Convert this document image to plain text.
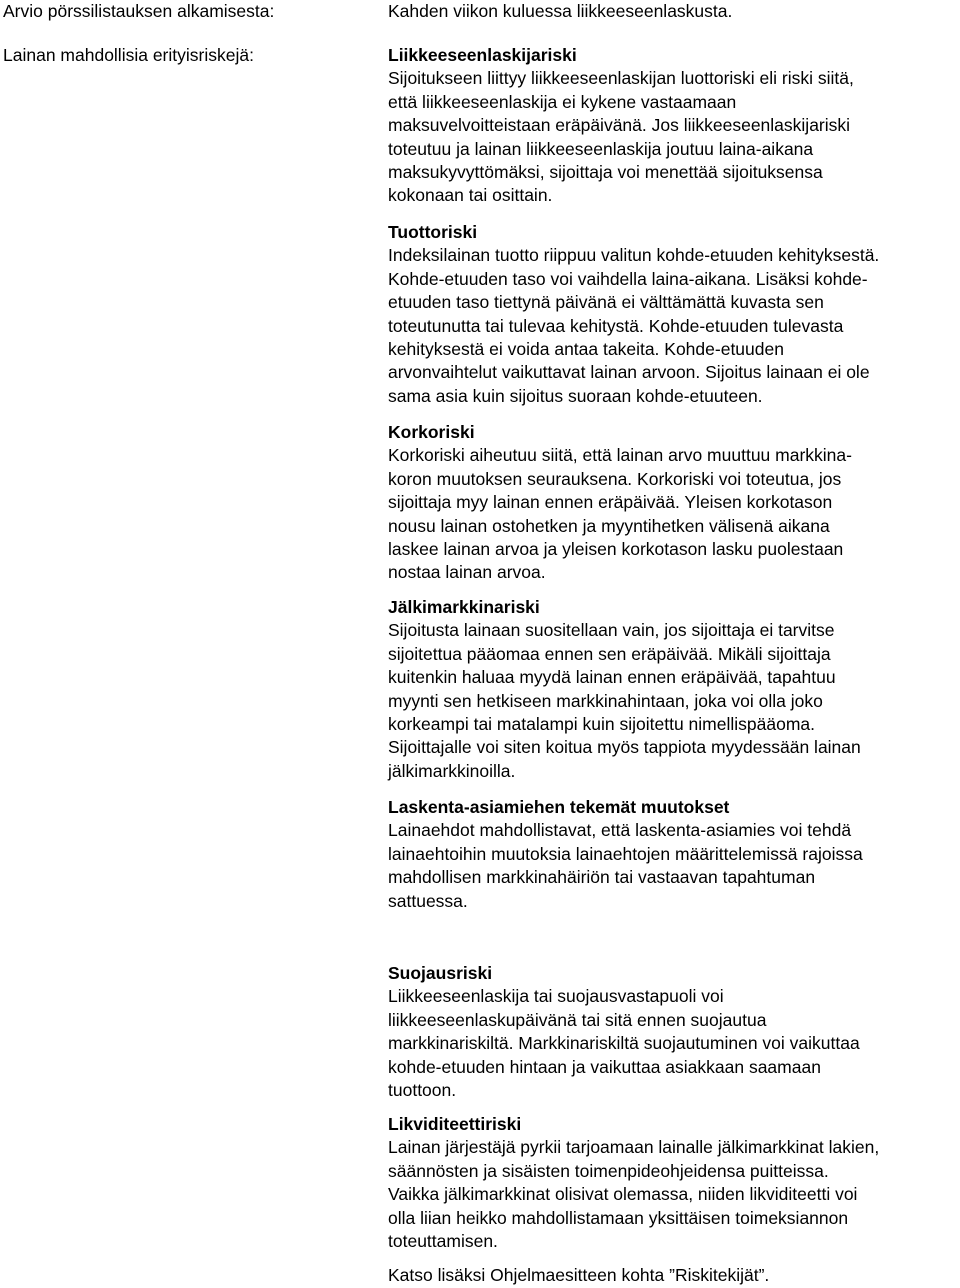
Arvio pörssilistauksen alkamisesta:	Kahden viikon kuluessa liikkeeseenlaskusta.
Lainan mahdollisia erityisriskejä:	Liikkeeseenlaskijariski
Sijoitukseen liittyy liikkeeseenlaskijan luottoriski eli riski siitä,
että liikkeeseenlaskija ei kykene vastaamaan
maksuvelvoitteistaan eräpäivänä. Jos liikkeeseenlaskijariski
toteutuu ja lainan liikkeeseenlaskija joutuu laina-aikana
maksukyvyttömäksi, sijoittaja voi menettää sijoituksensa
kokonaan tai osittain.
Tuottoriski
Indeksilainan tuotto riippuu valitun kohde-etuuden kehityksestä.
Kohde-etuuden taso voi vaihdella laina-aikana. Lisäksi kohde-
etuuden taso tiettynä päivänä ei välttämättä kuvasta sen
toteutunutta tai tulevaa kehitystä. Kohde-etuuden tulevasta
kehityksestä ei voida antaa takeita. Kohde-etuuden
arvonvaihtelut vaikuttavat lainan arvoon. Sijoitus lainaan ei ole
sama asia kuin sijoitus suoraan kohde-etuuteen.
Korkoriski
Korkoriski aiheutuu siitä, että lainan arvo muuttuu markkina-
koron muutoksen seurauksena. Korkoriski voi toteutua, jos
sijoittaja myy lainan ennen eräpäivää. Yleisen korkotason
nousu lainan ostohetken ja myyntihetken välisenä aikana
laskee lainan arvoa ja yleisen korkotason lasku puolestaan
nostaa lainan arvoa.
Jälkimarkkinariski
Sijoitusta lainaan suositellaan vain, jos sijoittaja ei tarvitse
sijoitettua pääomaa ennen sen eräpäivää. Mikäli sijoittaja
kuitenkin haluaa myydä lainan ennen eräpäivää, tapahtuu
myynti sen hetkiseen markkinahintaan, joka voi olla joko
korkeampi tai matalampi kuin sijoitettu nimellispääoma.
Sijoittajalle voi siten koitua myös tappiota myydessään lainan
jälkimarkkinoilla.
Laskenta-asiamiehen tekemät muutokset
Lainaehdot mahdollistavat, että laskenta-asiamies voi tehdä
lainaehtoihin muutoksia lainaehtojen määrittelemissä rajoissa
mahdollisen markkinahäiriön tai vastaavan tapahtuman
sattuessa.
Suojausriski
Liikkeeseenlaskija tai suojausvastapuoli voi
liikkeeseenlaskupäivänä tai sitä ennen suojautua
markkinariskiltä. Markkinariskiltä suojautuminen voi vaikuttaa
kohde-etuuden hintaan ja vaikuttaa asiakkaan saamaan
tuottoon.
Likviditeettiriski
Lainan järjestäjä pyrkii tarjoamaan lainalle jälkimarkkinat lakien,
säännösten ja sisäisten toimenpideohjeidensa puitteissa.
Vaikka jälkimarkkinat olisivat olemassa, niiden likviditeetti voi
olla liian heikko mahdollistamaan yksittäisen toimeksiannon
toteuttamisen.
Katso lisäksi Ohjelmaesitteen kohta ”Riskitekijät”.
